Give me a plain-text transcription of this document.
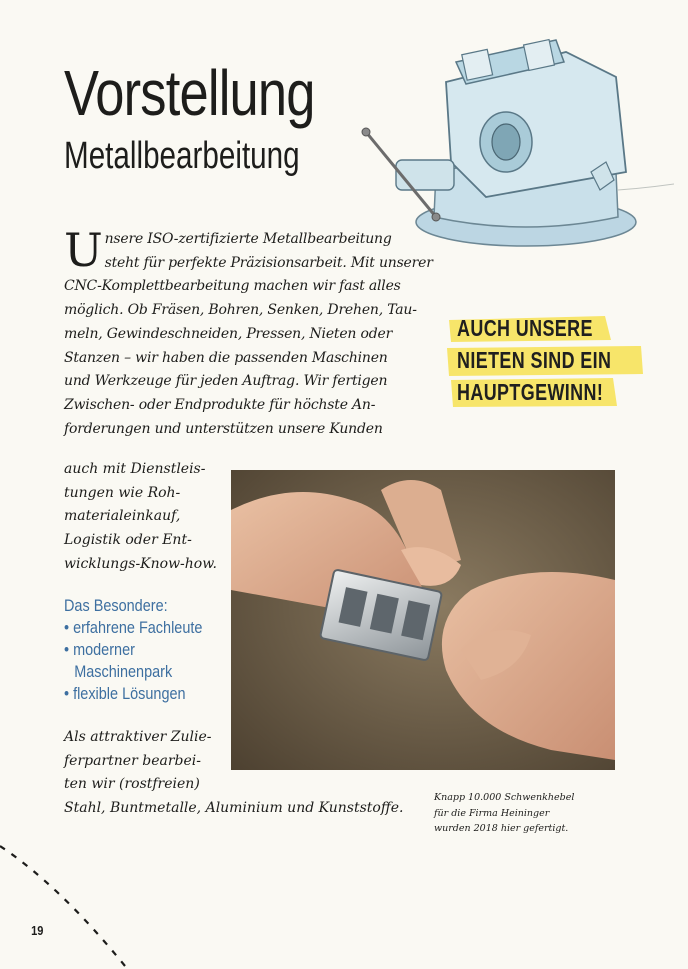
Vorstellung
Metallbearbeitung
U nsere ISO-zertifizierte Metallbearbeitung
steht für perfekte Präzisionsarbeit. Mit unserer
CNC-Komplettbearbeitung machen wir fast alles
möglich. Ob Fräsen, Bohren, Senken, Drehen, Tau-
meln, Gewindeschneiden, Pressen, Nieten oder
Stanzen – wir haben die passenden Maschinen
und Werkzeuge für jeden Auftrag. Wir fertigen
Zwischen- oder Endprodukte für höchste An-
forderungen und unterstützen unsere Kunden
auch mit Dienstleis-
tungen wie Roh-
materialeinkauf,
Logistik oder Ent-
wicklungs-Know-how.
Das Besondere:
• erfahrene Fachleute
• moderner
Maschinenpark
• flexible Lösungen
Als attraktiver Zulie-
ferpartner bearbei-
ten wir (rostfreien)
Stahl, Buntmetalle, Aluminium und Kunststoffe.
AUCH UNSERE
NIETEN SIND EIN
HAUPTGEWINN!
Knapp 10.000 Schwenkhebel
für die Firma Heininger
wurden 2018 hier gefertigt.
19
